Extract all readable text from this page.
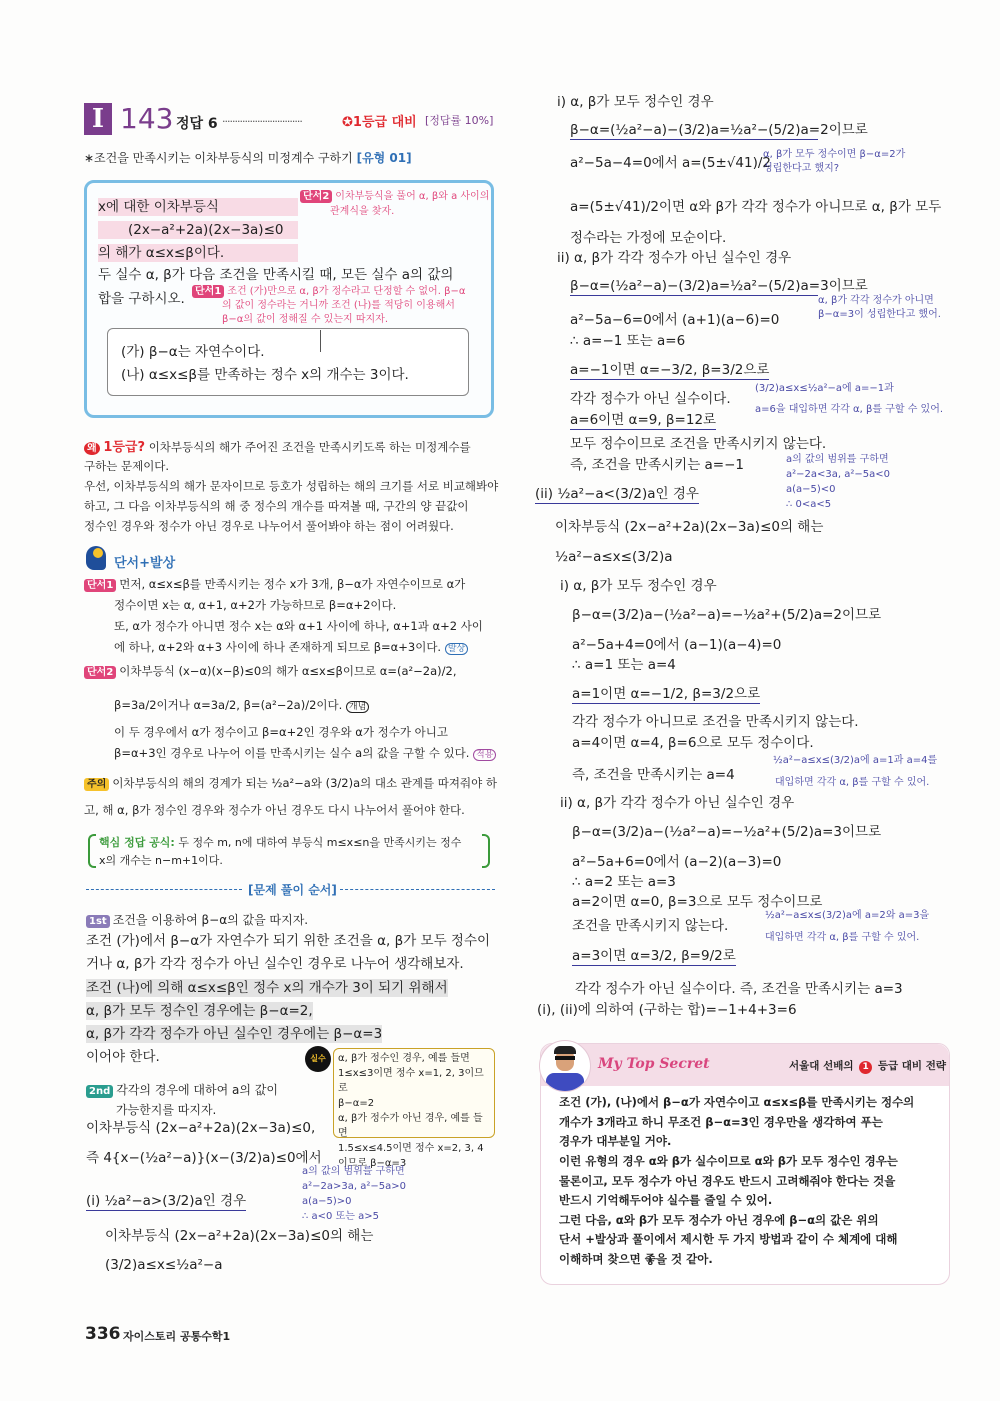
I 143 정답 6 ................................	✪1등급 대비 [정답률 10%]
∗조건을 만족시키는 이차부등식의 미정계수 구하기 [유형 01]
x에 대한 이차부등식
(2x−a²+2a)(2x−3a)≤0
의 해가 α≤x≤β이다.
두 실수 α, β가 다음 조건을 만족시킬 때, 모든 실수 a의 값의
합을 구하시오.
단서2 이차부등식을 풀어 α, β와 a 사이의
관계식을 찾자.
단서1 조건 (가)만으로 α, β가 정수라고 단정할 수 없어. β−α
의 값이 정수라는 거니까 조건 (나)를 적당히 이용해서
β−α의 값이 정해질 수 있는지 따지자.
(가) β−α는 자연수이다.
(나) α≤x≤β를 만족하는 정수 x의 개수는 3이다.
왜 1등급? 이차부등식의 해가 주어진 조건을 만족시키도록 하는 미정계수를
구하는 문제이다.
우선, 이차부등식의 해가 문자이므로 등호가 성립하는 해의 크기를 서로 비교해봐야
하고, 그 다음 이차부등식의 해 중 정수의 개수를 따져볼 때, 구간의 양 끝값이
정수인 경우와 정수가 아닌 경우로 나누어서 풀어봐야 하는 점이 어려웠다.
단서+발상
단서1 먼저, α≤x≤β를 만족시키는 정수 x가 3개, β−α가 자연수이므로 α가
정수이면 x는 α, α+1, α+2가 가능하므로 β=α+2이다.
또, α가 정수가 아니면 정수 x는 α와 α+1 사이에 하나, α+1과 α+2 사이
에 하나, α+2와 α+3 사이에 하나 존재하게 되므로 β=α+3이다. 발상
단서2 이차부등식 (x−α)(x−β)≤0의 해가 α≤x≤β이므로 α=(a²−2a)/2,
β=3a/2이거나 α=3a/2, β=(a²−2a)/2이다. 개념
이 두 경우에서 α가 정수이고 β=α+2인 경우와 α가 정수가 아니고
β=α+3인 경우로 나누어 이를 만족시키는 실수 a의 값을 구할 수 있다. 적용
주의 이차부등식의 해의 경계가 되는 ½a²−a와 (3/2)a의 대소 관계를 따져줘야 하
고, 해 α, β가 정수인 경우와 정수가 아닌 경우도 다시 나누어서 풀어야 한다.
핵심 정답 공식: 두 정수 m, n에 대하여 부등식 m≤x≤n을 만족시키는 정수
x의 개수는 n−m+1이다.
[문제 풀이 순서]
1st 조건을 이용하여 β−α의 값을 따지자.
조건 (가)에서 β−α가 자연수가 되기 위한 조건을 α, β가 모두 정수이
거나 α, β가 각각 정수가 아닌 실수인 경우로 나누어 생각해보자.
조건 (나)에 의해 α≤x≤β인 정수 x의 개수가 3이 되기 위해서
α, β가 모두 정수인 경우에는 β−α=2,
α, β가 각각 정수가 아닌 실수인 경우에는 β−α=3
이어야 한다.	실수	α, β가 정수인 경우, 예를 들면
1≤x≤3이면 정수 x=1, 2, 3이므로
β−α=2
α, β가 정수가 아닌 경우, 예를 들면
1.5≤x≤4.5이면 정수 x=2, 3, 4
이므로 β−α=3
2nd 각각의 경우에 대하여 a의 값이
가능한지를 따지자.
이차부등식 (2x−a²+2a)(2x−3a)≤0,
즉 4{x−(½a²−a)}(x−(3/2)a)≤0에서
(i) ½a²−a>(3/2)a인 경우
이차부등식 (2x−a²+2a)(2x−3a)≤0의 해는
(3/2)a≤x≤½a²−a
a의 값의 범위를 구하면
a²−2a>3a, a²−5a>0
a(a−5)>0
∴ a<0 또는 a>5
i) α, β가 모두 정수인 경우
β−α=(½a²−a)−(3/2)a=½a²−(5/2)a=2이므로
a²−5a−4=0에서 a=(5±√41)/2
a=(5±√41)/2이면 α와 β가 각각 정수가 아니므로 α, β가 모두
정수라는 가정에 모순이다.
ii) α, β가 각각 정수가 아닌 실수인 경우
β−α=(½a²−a)−(3/2)a=½a²−(5/2)a=3이므로
a²−5a−6=0에서 (a+1)(a−6)=0
∴ a=−1 또는 a=6
a=−1이면 α=−3/2, β=3/2으로
각각 정수가 아닌 실수이다.
a=6이면 α=9, β=12로
모두 정수이므로 조건을 만족시키지 않는다.
즉, 조건을 만족시키는 a=−1
(ii) ½a²−a<(3/2)a인 경우
이차부등식 (2x−a²+2a)(2x−3a)≤0의 해는
½a²−a≤x≤(3/2)a
i) α, β가 모두 정수인 경우
β−α=(3/2)a−(½a²−a)=−½a²+(5/2)a=2이므로
a²−5a+4=0에서 (a−1)(a−4)=0
∴ a=1 또는 a=4
a=1이면 α=−1/2, β=3/2으로
각각 정수가 아니므로 조건을 만족시키지 않는다.
a=4이면 α=4, β=6으로 모두 정수이다.
즉, 조건을 만족시키는 a=4
ii) α, β가 각각 정수가 아닌 실수인 경우
β−α=(3/2)a−(½a²−a)=−½a²+(5/2)a=3이므로
a²−5a+6=0에서 (a−2)(a−3)=0
∴ a=2 또는 a=3
a=2이면 α=0, β=3으로 모두 정수이므로
조건을 만족시키지 않는다.
a=3이면 α=3/2, β=9/2로
각각 정수가 아닌 실수이다. 즉, 조건을 만족시키는 a=3
(i), (ii)에 의하여 (구하는 합)=−1+4+3=6
α, β가 모두 정수이면 β−α=2가
성립한다고 했지?
α, β가 각각 정수가 아니면
β−α=3이 성립한다고 했어.
(3/2)a≤x≤½a²−a에 a=−1과
a=6을 대입하면 각각 α, β를 구할 수 있어.
a의 값의 범위를 구하면
a²−2a<3a, a²−5a<0
a(a−5)<0
∴ 0<a<5
½a²−a≤x≤(3/2)a에 a=1과 a=4를
대입하면 각각 α, β를 구할 수 있어.
½a²−a≤x≤(3/2)a에 a=2와 a=3을
대입하면 각각 α, β를 구할 수 있어.
My Top Secret	서울대 선배의 1 등급 대비 전략
조건 (가), (나)에서 β−α가 자연수이고 α≤x≤β를 만족시키는 정수의
개수가 3개라고 하니 무조건 β−α=3인 경우만을 생각하여 푸는
경우가 대부분일 거야.
이런 유형의 경우 α와 β가 실수이므로 α와 β가 모두 정수인 경우는
물론이고, 모두 정수가 아닌 경우도 반드시 고려해줘야 한다는 것을
반드시 기억해두어야 실수를 줄일 수 있어.
그런 다음, α와 β가 모두 정수가 아닌 경우에 β−α의 값은 위의
단서 +발상과 풀이에서 제시한 두 가지 방법과 같이 수 체계에 대해
이해하며 찾으면 좋을 것 같아.
336 자이스토리 공통수학1
